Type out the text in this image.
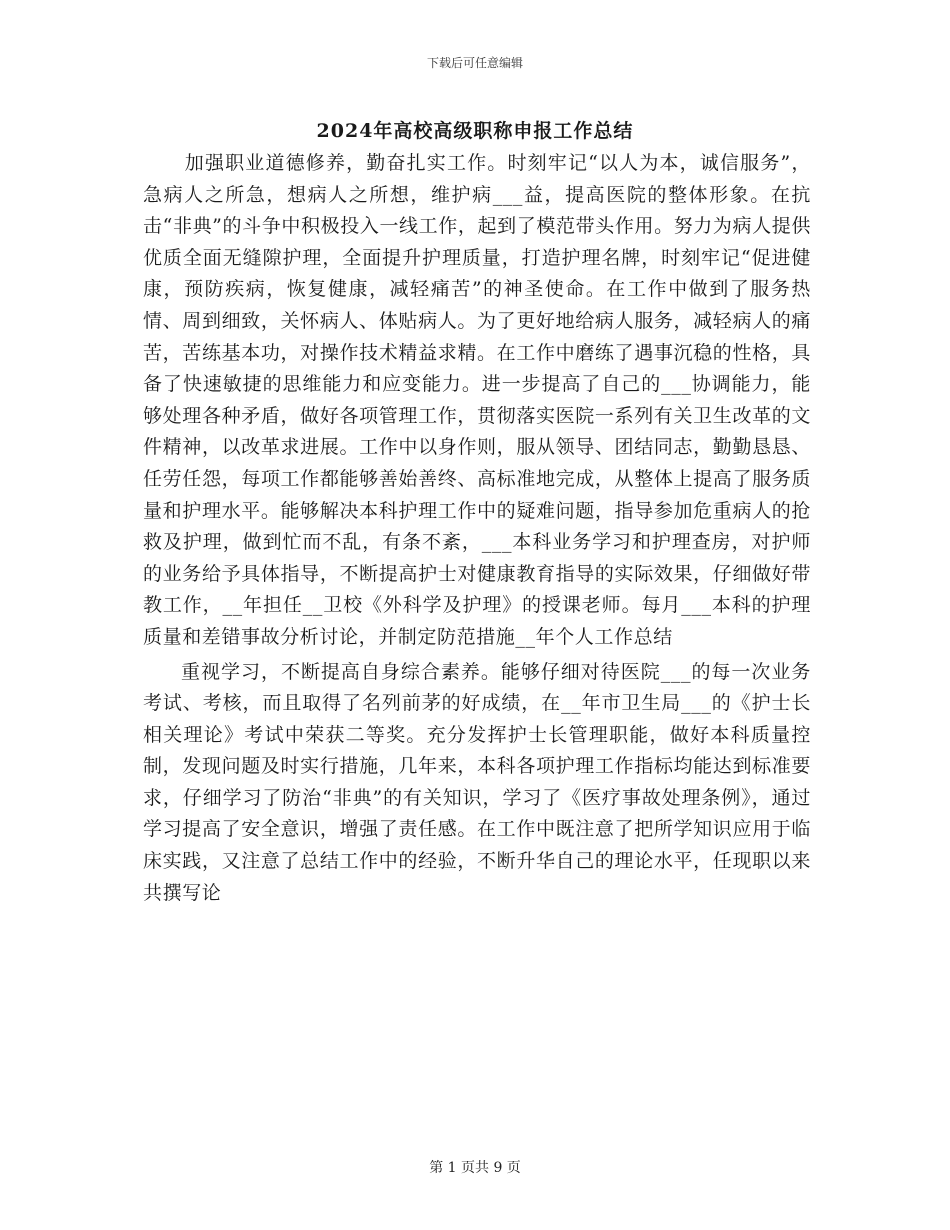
下载后可任意编辑
2024年高校高级职称申报工作总结

加强职业道德修养，勤奋扎实工作。时刻牢记“以人为本，诚信服务”，急病人之所急，想病人之所想，维护病___益，提高医院的整体形象。在抗击“非典”的斗争中积极投入一线工作，起到了模范带头作用。努力为病人提供优质全面无缝隙护理，全面提升护理质量，打造护理名牌，时刻牢记“促进健康，预防疾病，恢复健康，减轻痛苦”的神圣使命。在工作中做到了服务热情、周到细致，关怀病人、体贴病人。为了更好地给病人服务，减轻病人的痛苦，苦练基本功，对操作技术精益求精。在工作中磨练了遇事沉稳的性格，具备了快速敏捷的思维能力和应变能力。进一步提高了自己的___协调能力，能够处理各种矛盾，做好各项管理工作，贯彻落实医院一系列有关卫生改革的文件精神，以改革求进展。工作中以身作则，服从领导、团结同志，勤勤恳恳、任劳任怨，每项工作都能够善始善终、高标准地完成，从整体上提高了服务质量和护理水平。能够解决本科护理工作中的疑难问题，指导参加危重病人的抢救及护理，做到忙而不乱，有条不紊，___本科业务学习和护理查房，对护师的业务给予具体指导，不断提高护士对健康教育指导的实际效果，仔细做好带教工作，__年担任__卫校《外科学及护理》的授课老师。每月___本科的护理质量和差错事故分析讨论，并制定防范措施__年个人工作总结

重视学习，不断提高自身综合素养。能够仔细对待医院___的每一次业务考试、考核，而且取得了名列前茅的好成绩，在__年市卫生局___的《护士长相关理论》考试中荣获二等奖。充分发挥护士长管理职能，做好本科质量控制，发现问题及时实行措施，几年来，本科各项护理工作指标均能达到标准要求，仔细学习了防治“非典”的有关知识，学习了《医疗事故处理条例》，通过学习提高了安全意识，增强了责任感。在工作中既注意了把所学知识应用于临床实践，又注意了总结工作中的经验，不断升华自己的理论水平，任现职以来共撰写论

第 1 页共 9 页
